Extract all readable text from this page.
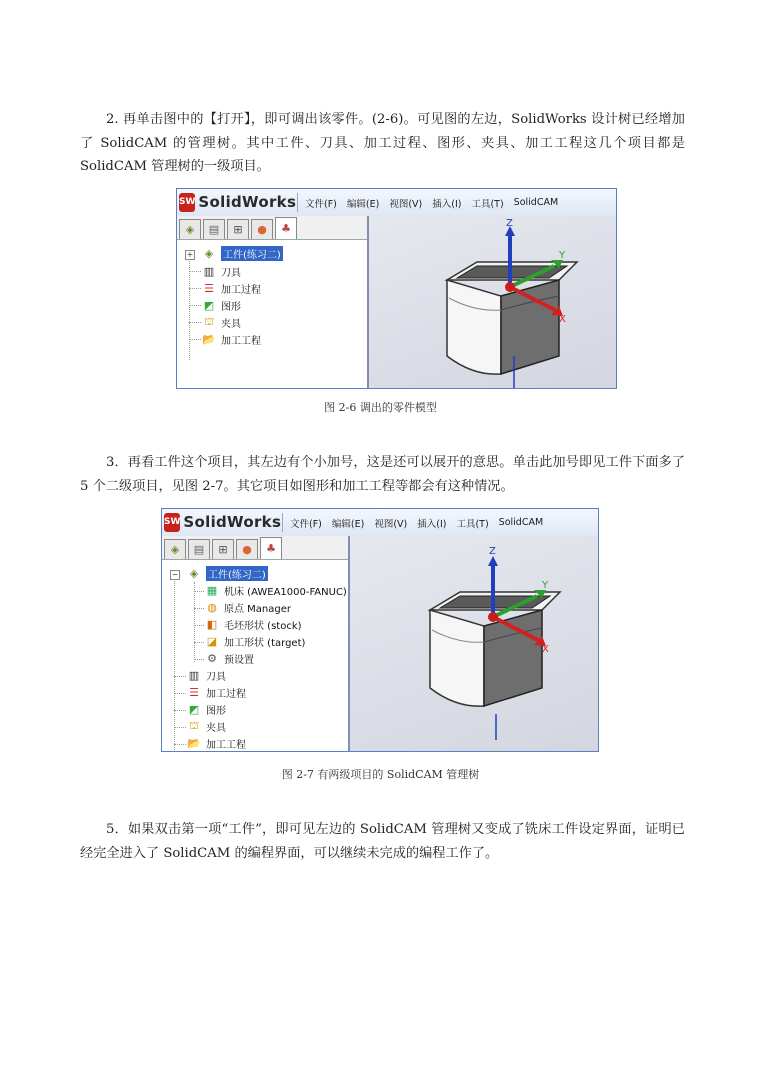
2. 再单击图中的【打开】，即可调出该零件。(2-6)。可见图的左边，SolidWorks 设计树已经增加了 SolidCAM 的管理树。其中工件、刀具、加工过程、图形、夹具、加工工程这几个项目都是 SolidCAM 管理树的一级项目。
SW SolidWorks 文件(F) 编辑(E) 视图(V) 插入(I) 工具(T) SolidCAM
◈ ▤ ⊞ ● ♣
+	◈ 工件(练习二)
▥ 刀具
☰ 加工过程
◩ 图形
⛫ 夹具
📂 加工工程
Z
Y
X
图 2-6 调出的零件模型
3．再看工件这个项目，其左边有个小加号，这是还可以展开的意思。单击此加号即见工件下面多了 5 个二级项目，见图 2-7。其它项目如图形和加工工程等都会有这种情况。
SW SolidWorks 文件(F) 编辑(E) 视图(V) 插入(I) 工具(T) SolidCAM
◈ ▤ ⊞ ● ♣
−	◈ 工件(练习二)
▦ 机床 (AWEA1000-FANUC)
◍ 原点 Manager
◧ 毛坯形状 (stock)
◪ 加工形状 (target)
⚙ 预设置
▥ 刀具
☰ 加工过程
◩ 图形
⛫ 夹具
📂 加工工程
Z
Y
X
图 2-7 有两级项目的 SolidCAM 管理树
5．如果双击第一项“工件”，即可见左边的 SolidCAM 管理树又变成了铣床工件设定界面，证明已经完全进入了 SolidCAM 的编程界面，可以继续未完成的编程工作了。
